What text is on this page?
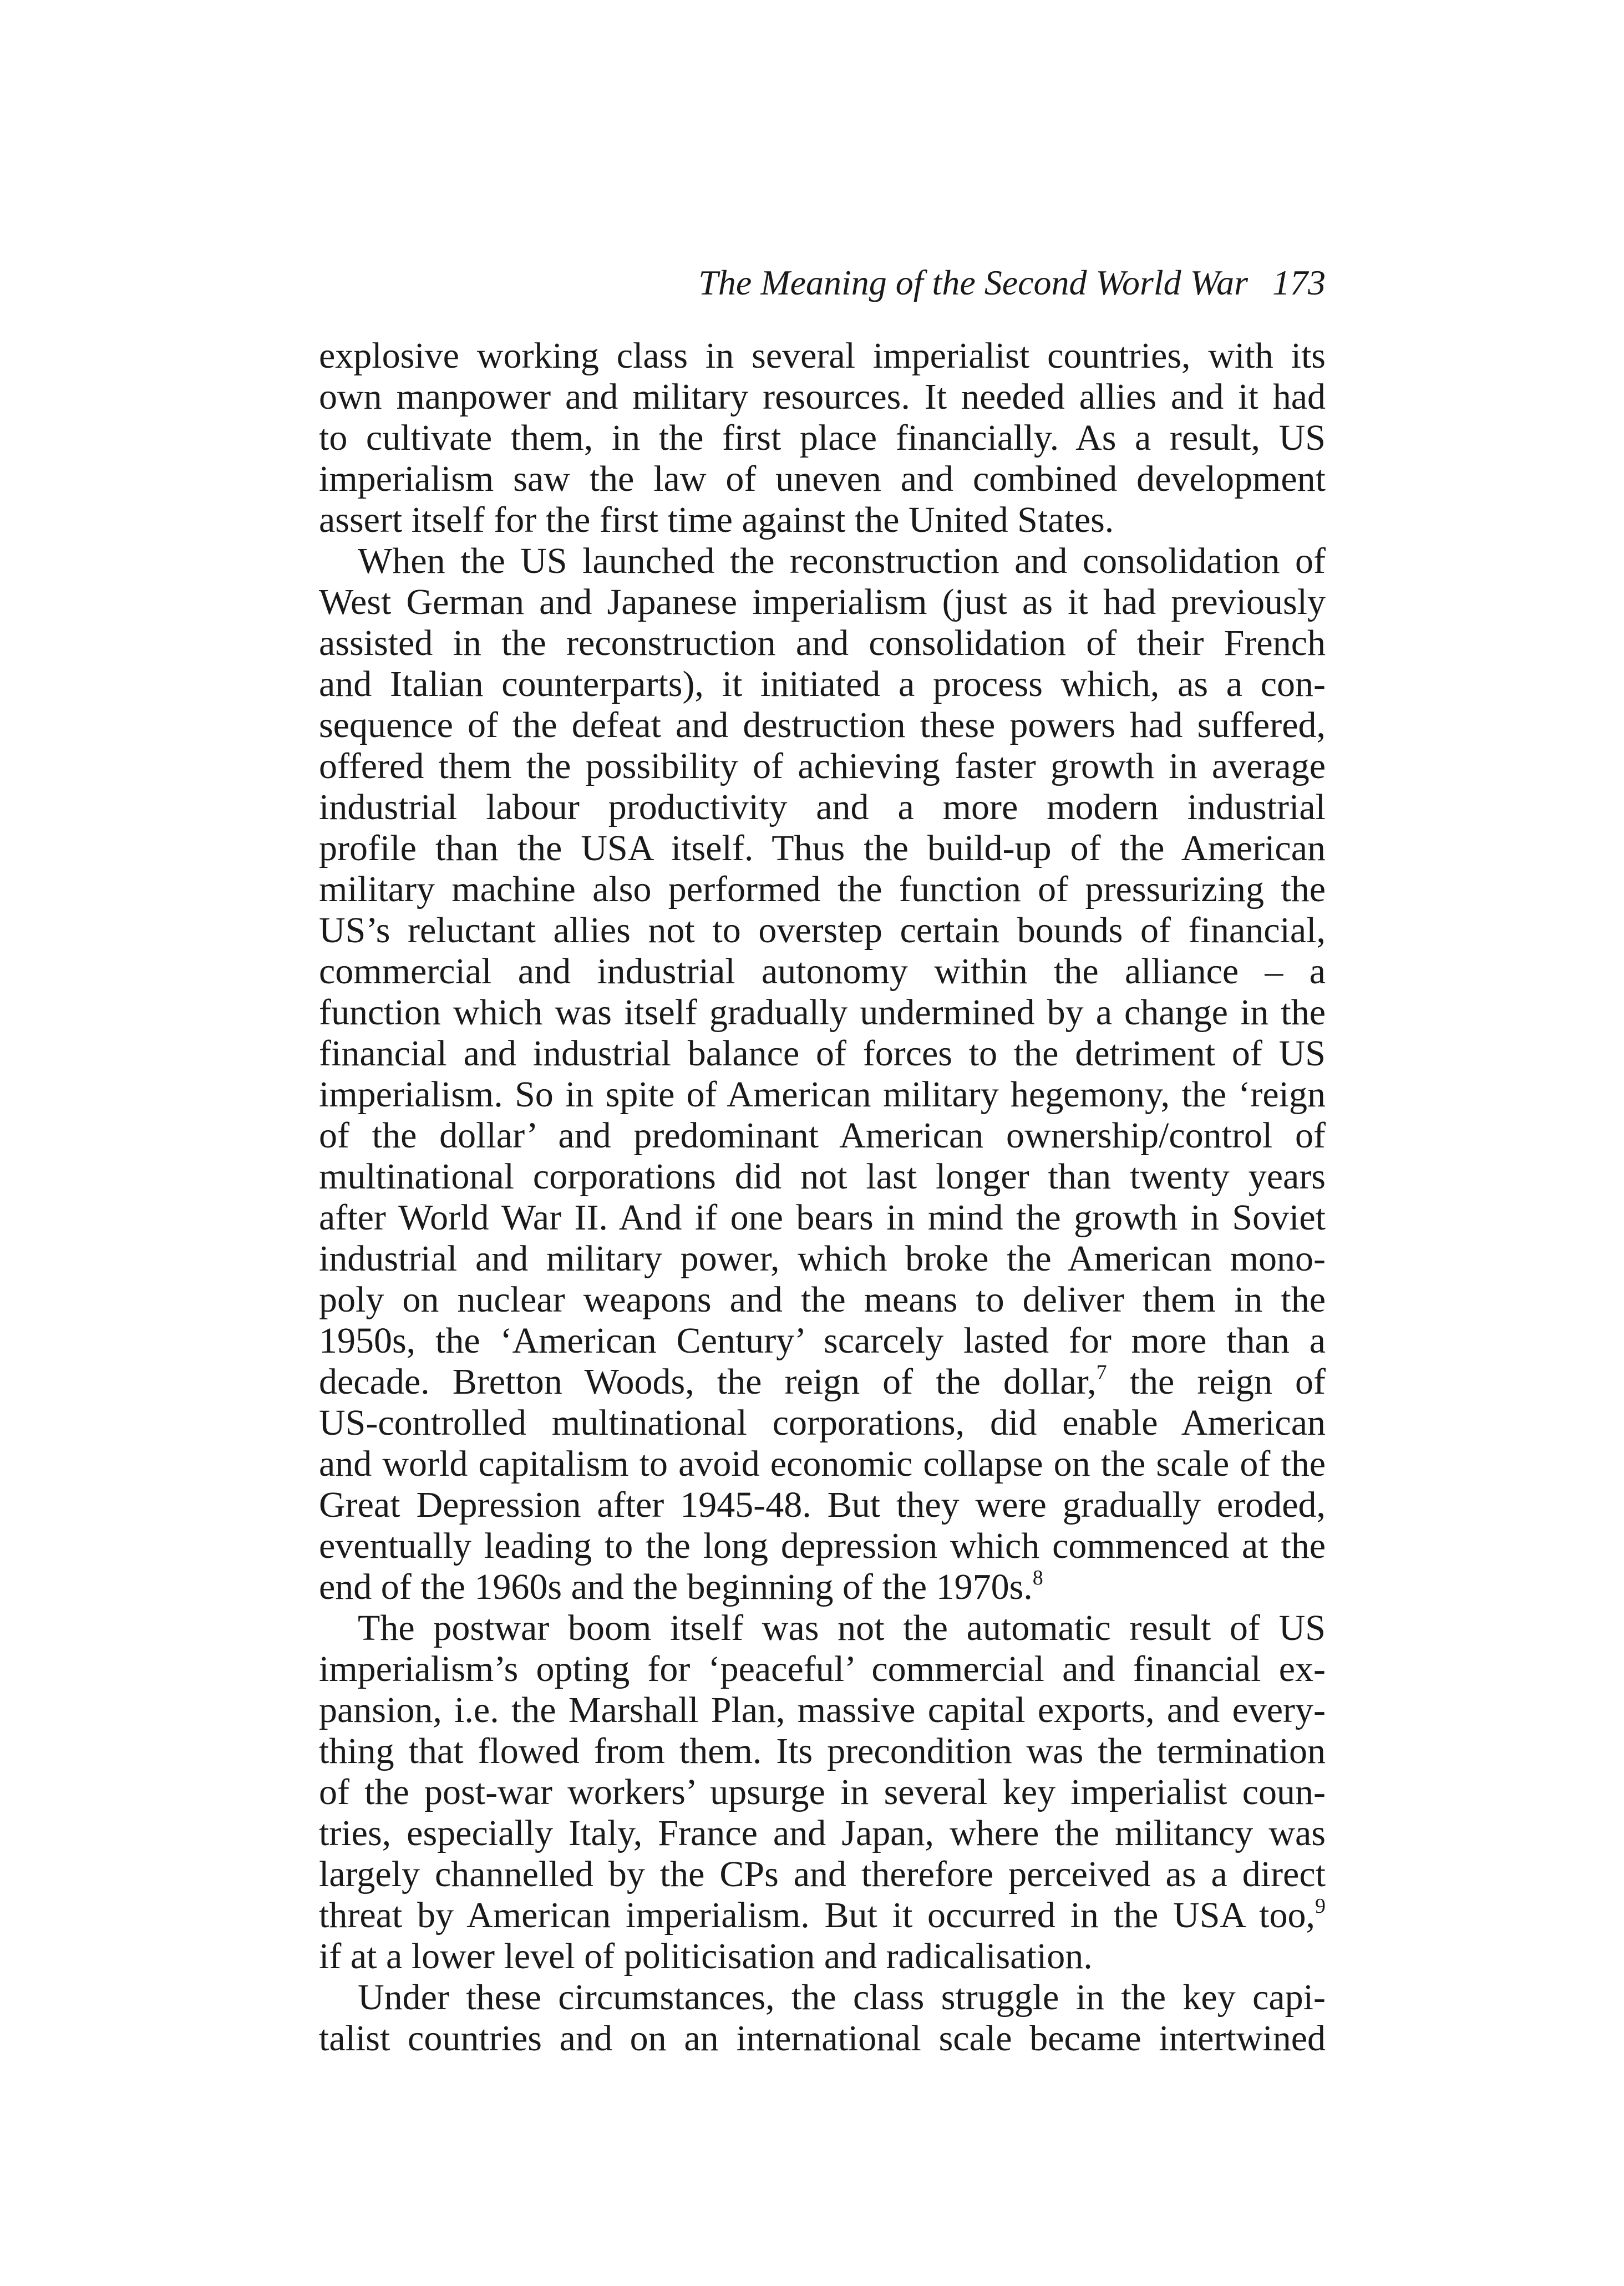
The Meaning of the Second World War 173
explosive working class in several imperialist countries, with its
own manpower and military resources. It needed allies and it had
to cultivate them, in the first place financially. As a result, US
imperialism saw the law of uneven and combined development
assert itself for the first time against the United States.
When the US launched the reconstruction and consolidation of
West German and Japanese imperialism (just as it had previously
assisted in the reconstruction and consolidation of their French
and Italian counterparts), it initiated a process which, as a con-
sequence of the defeat and destruction these powers had suffered,
offered them the possibility of achieving faster growth in average
industrial labour productivity and a more modern industrial
profile than the USA itself. Thus the build-up of the American
military machine also performed the function of pressurizing the
US’s reluctant allies not to overstep certain bounds of financial,
commercial and industrial autonomy within the alliance – a
function which was itself gradually undermined by a change in the
financial and industrial balance of forces to the detriment of US
imperialism. So in spite of American military hegemony, the ‘reign
of the dollar’ and predominant American ownership/control of
multinational corporations did not last longer than twenty years
after World War II. And if one bears in mind the growth in Soviet
industrial and military power, which broke the American mono-
poly on nuclear weapons and the means to deliver them in the
1950s, the ‘American Century’ scarcely lasted for more than a
decade. Bretton Woods, the reign of the dollar,$^7$ the reign of
US-controlled multinational corporations, did enable American
and world capitalism to avoid economic collapse on the scale of the
Great Depression after 1945-48. But they were gradually eroded,
eventually leading to the long depression which commenced at the
end of the 1960s and the beginning of the 1970s.$^8$
The postwar boom itself was not the automatic result of US
imperialism’s opting for ‘peaceful’ commercial and financial ex-
pansion, i.e. the Marshall Plan, massive capital exports, and every-
thing that flowed from them. Its precondition was the termination
of the post-war workers’ upsurge in several key imperialist coun-
tries, especially Italy, France and Japan, where the militancy was
largely channelled by the CPs and therefore perceived as a direct
threat by American imperialism. But it occurred in the USA too,$^9$
if at a lower level of politicisation and radicalisation.
Under these circumstances, the class struggle in the key capi-
talist countries and on an international scale became intertwined
